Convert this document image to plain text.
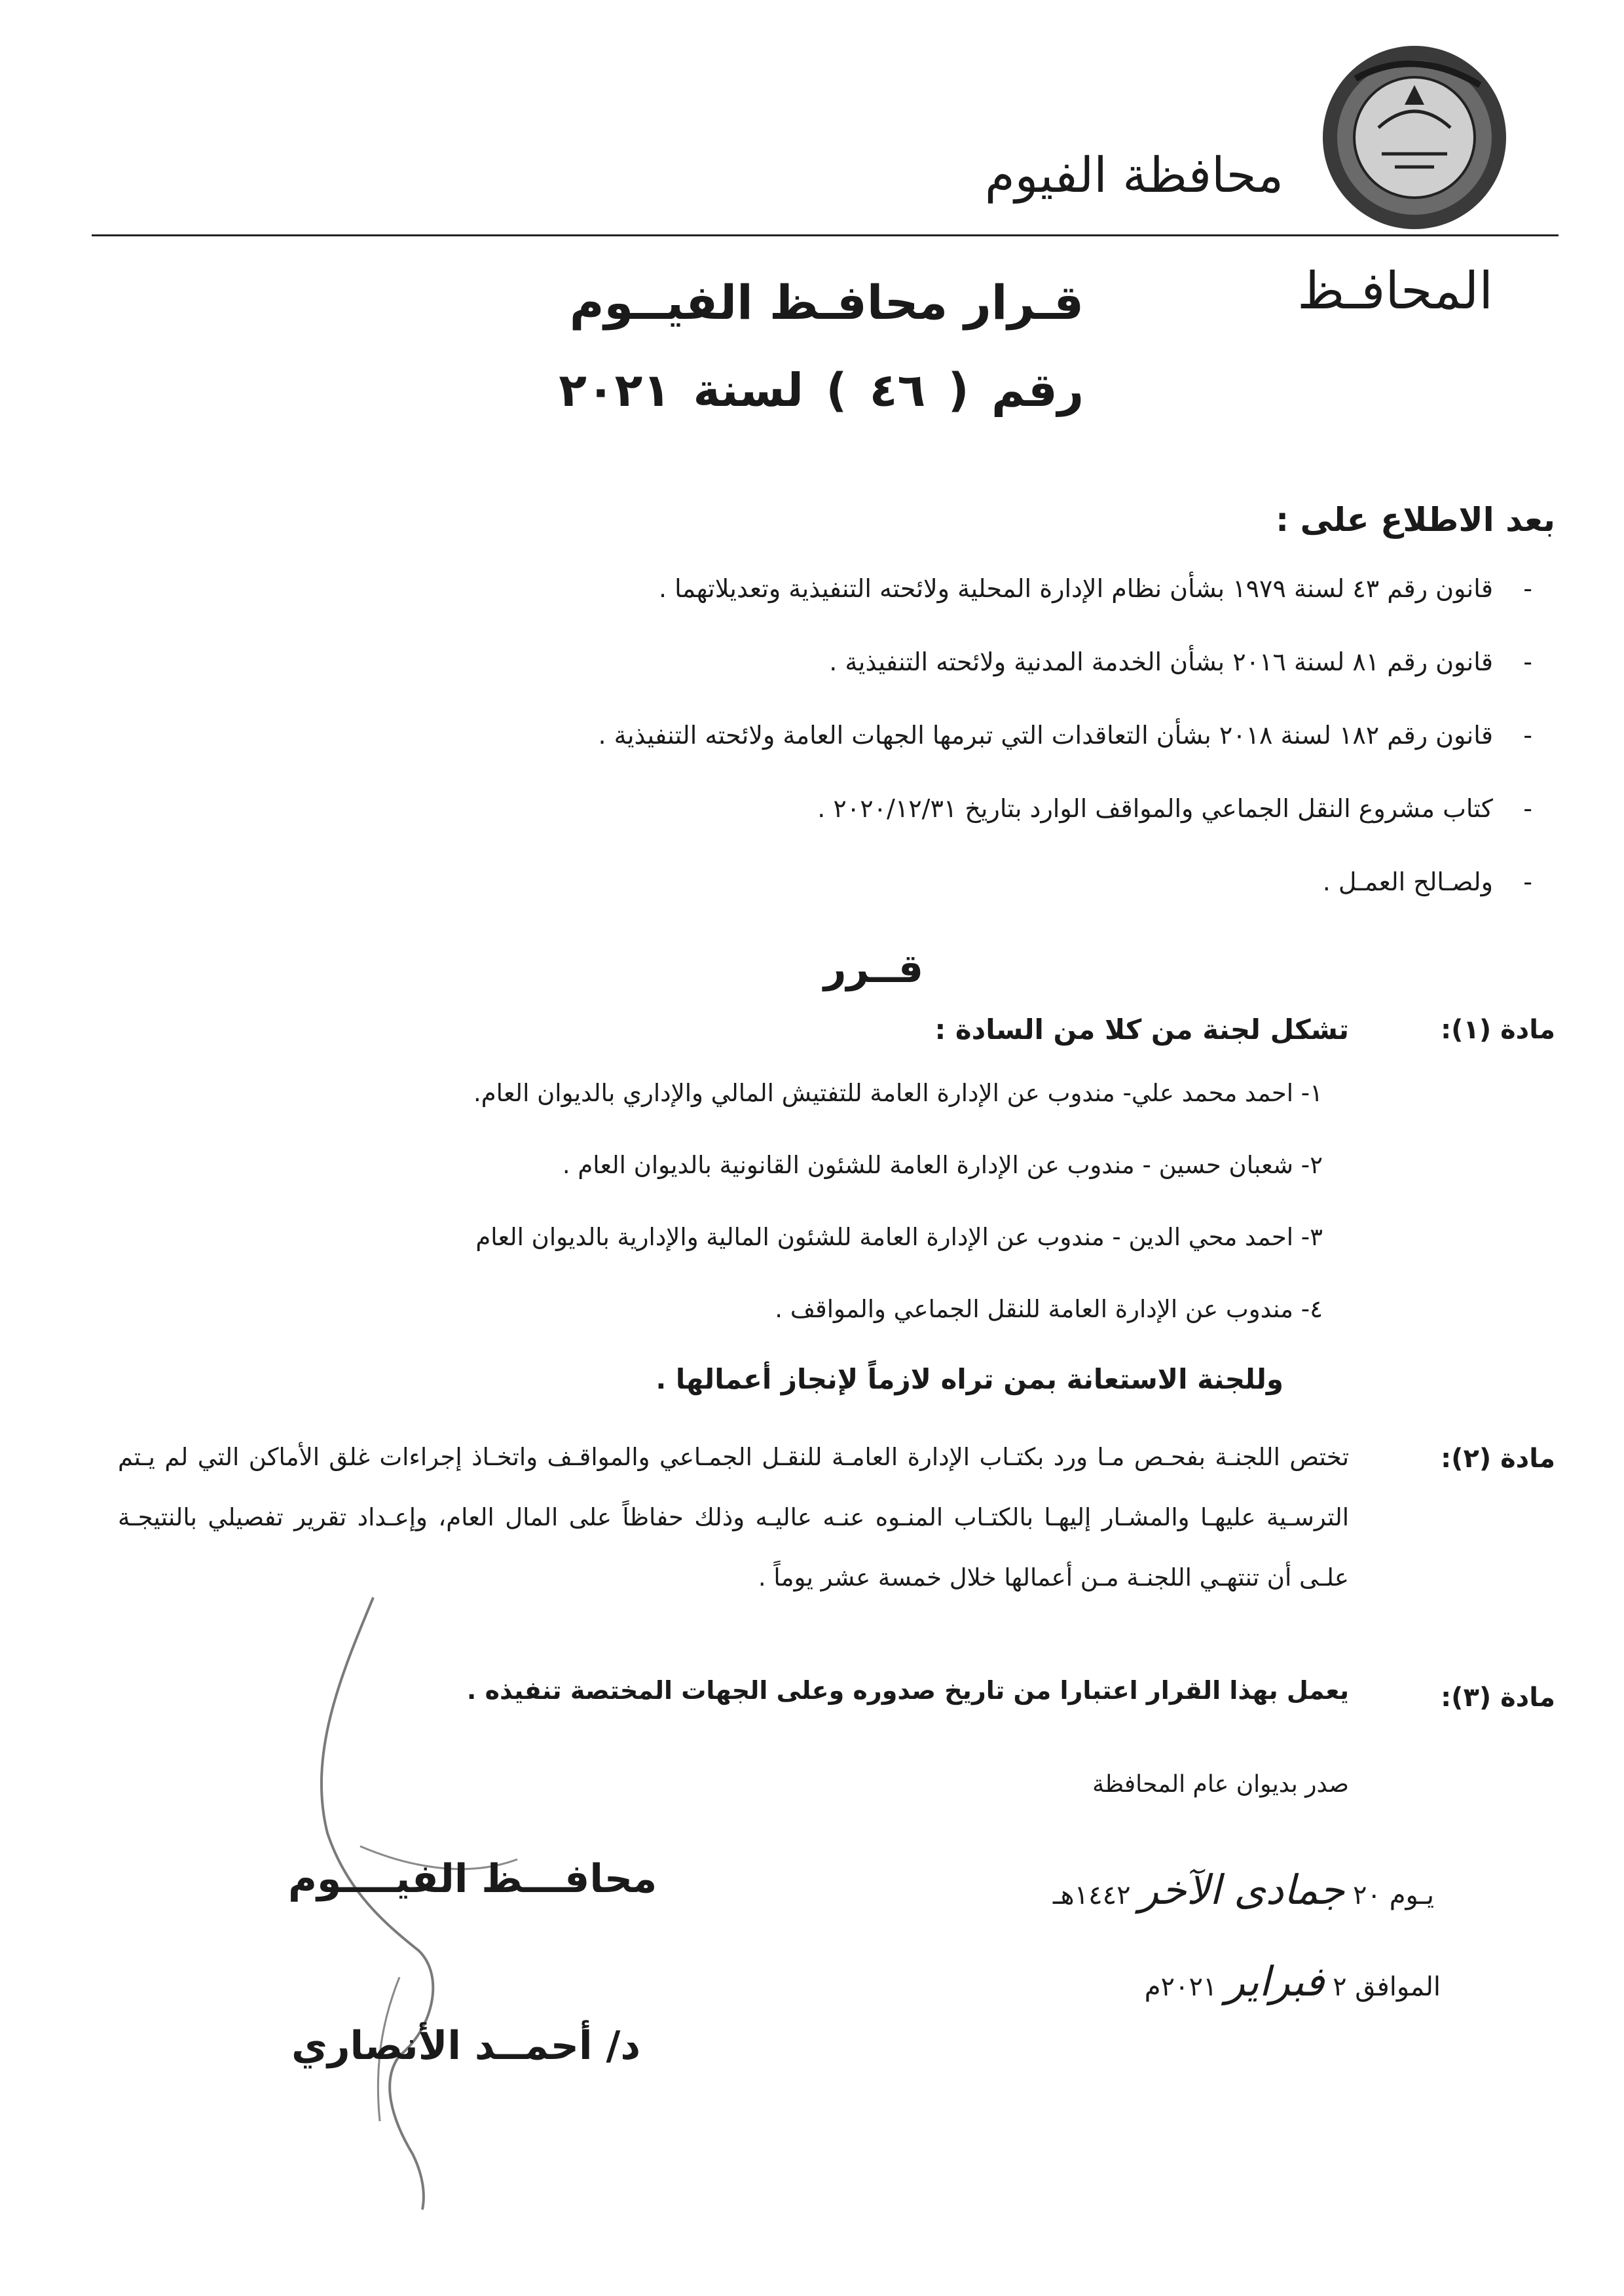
محافظة الفيوم
المحافـظ
قـرار محافـظ الفيــوم
رقم ( ٤٦ ) لسنة ٢٠٢١
بعد الاطلاع على :
-قانون رقم ٤٣ لسنة ١٩٧٩ بشأن نظام الإدارة المحلية ولائحته التنفيذية وتعديلاتهما .
-قانون رقم ٨١ لسنة ٢٠١٦ بشأن الخدمة المدنية ولائحته التنفيذية .
-قانون رقم ١٨٢ لسنة ٢٠١٨ بشأن التعاقدات التي تبرمها الجهات العامة ولائحته التنفيذية .
-كتاب مشروع النقل الجماعي والمواقف الوارد بتاريخ ٢٠٢٠/١٢/٣١ .
-ولصـالح العمـل .
قــرر
مادة (١):
تشكل لجنة من كلا من السادة :
١- احمد محمد علي- مندوب عن الإدارة العامة للتفتيش المالي والإداري بالديوان العام.
٢- شعبان حسين - مندوب عن الإدارة العامة للشئون القانونية بالديوان العام .
٣- احمد محي الدين - مندوب عن الإدارة العامة للشئون المالية والإدارية بالديوان العام
٤- مندوب عن الإدارة العامة للنقل الجماعي والمواقف .
وللجنة الاستعانة بمن تراه لازماً لإنجاز أعمالها .
مادة (٢):
تختص اللجنـة بفحـص مـا ورد بكتـاب الإدارة العامـة للنقـل الجمـاعي والمواقـف واتخـاذ إجراءات غلق الأماكن التي لم يـتم الترسـية عليهـا والمشـار إليهـا بالكتـاب المنـوه عنـه عاليـه وذلك حفاظاً على المال العام، وإعـداد تقرير تفصيلي بالنتيجـة علـى أن تنتهـي اللجنـة مـن أعمالها خلال خمسة عشر يوماً .
مادة (٣):
يعمل بهذا القرار اعتبارا من تاريخ صدوره وعلى الجهات المختصة تنفيذه .
صدر بديوان عام المحافظة
يـوم ٢٠ جمادى الآخر ١٤٤٢هـ
الموافق ٢ فبراير ٢٠٢١م
محافـــظ الفيــــوم
د/ أحمــد الأنصاري
